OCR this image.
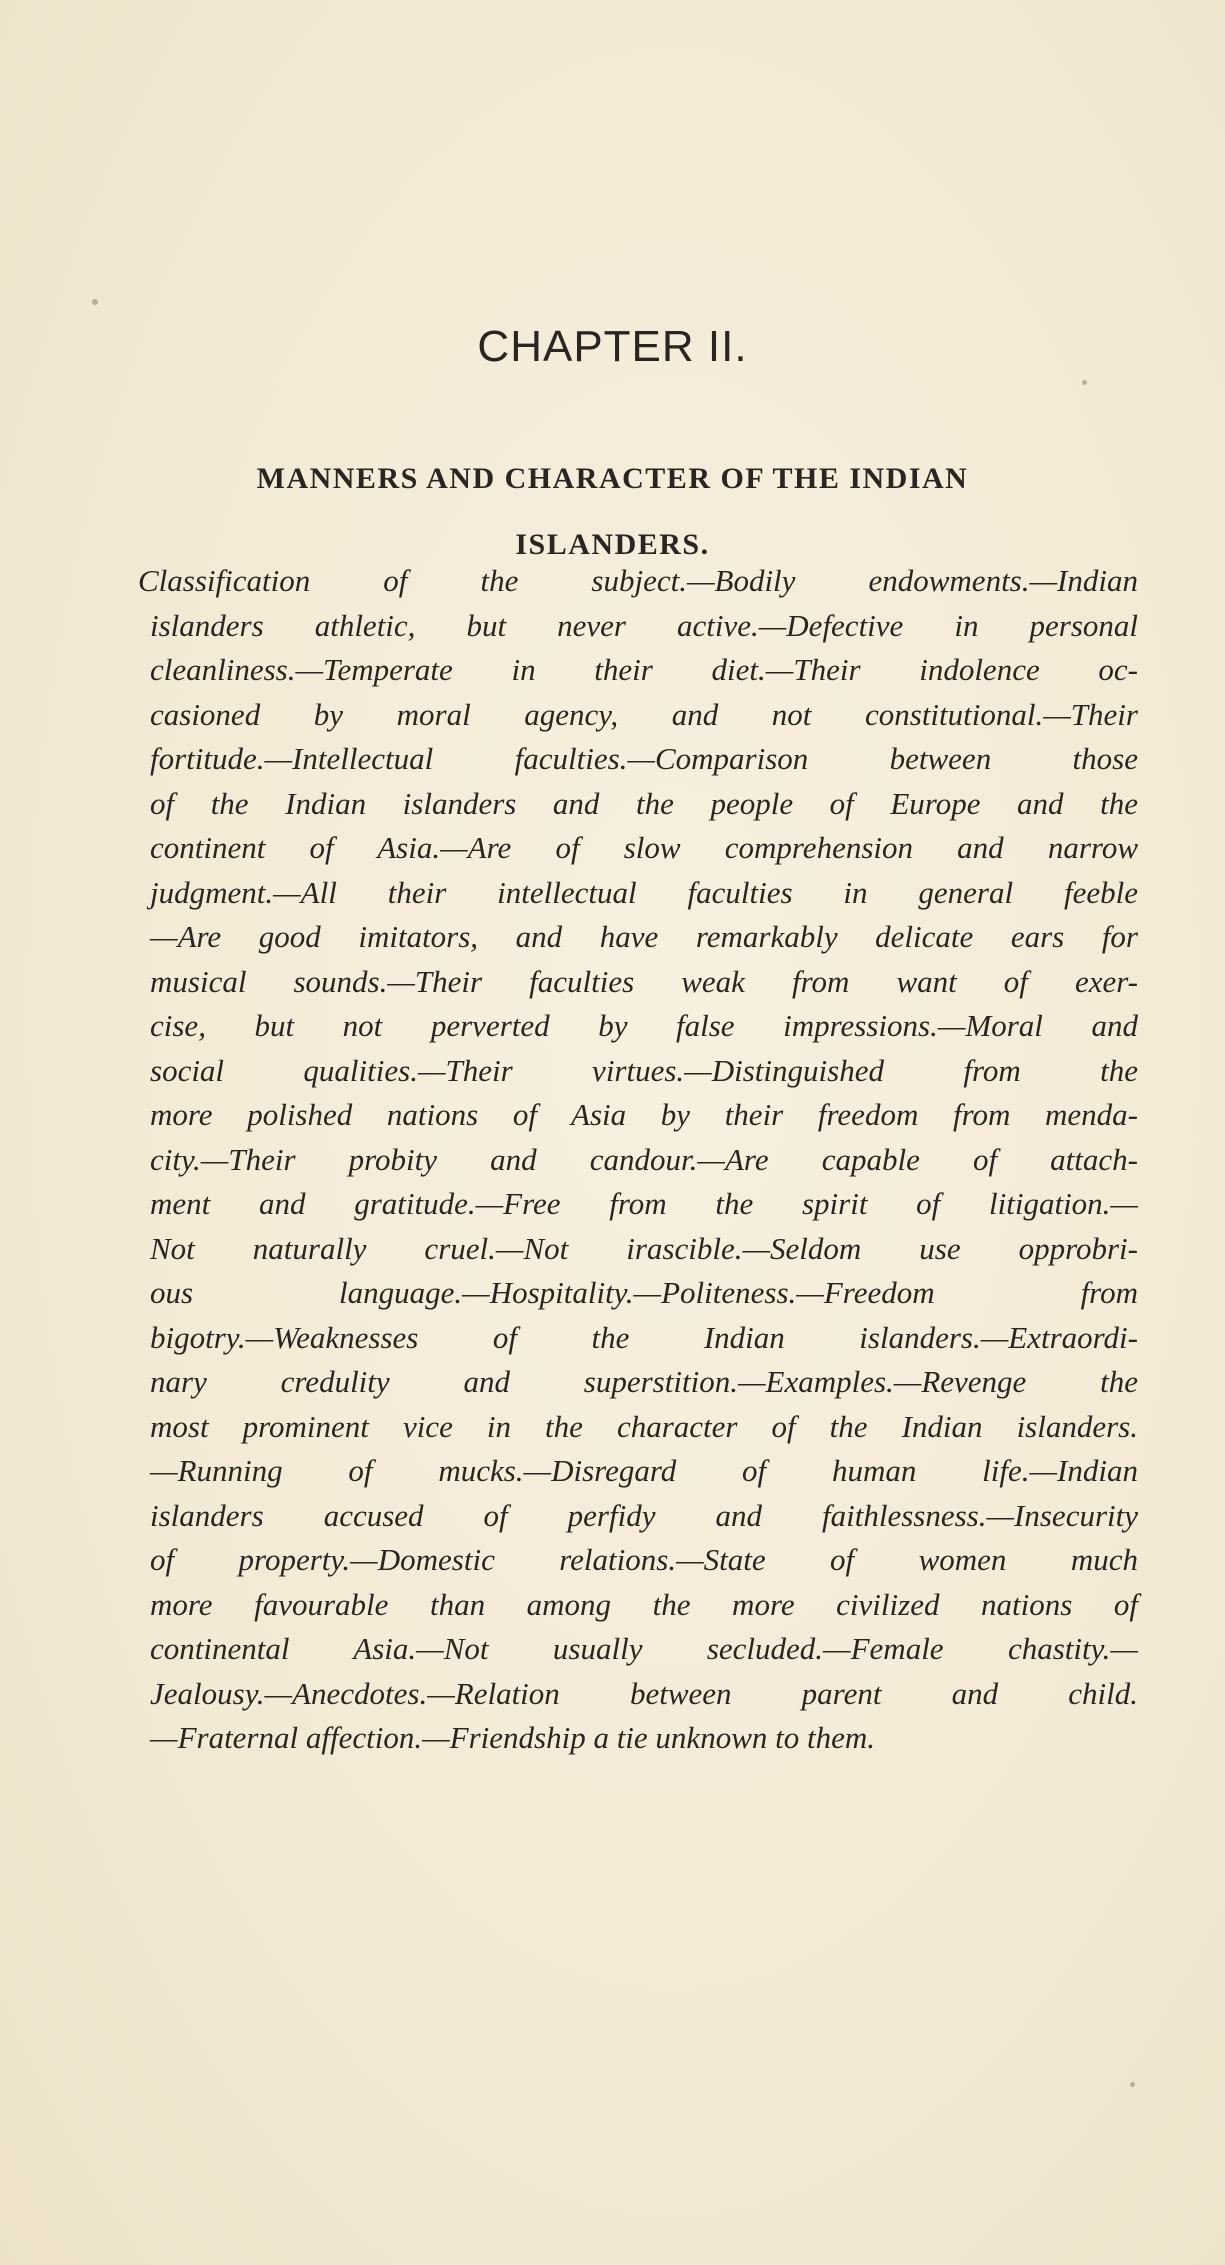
CHAPTER II.
MANNERS AND CHARACTER OF THE INDIAN
ISLANDERS.
Classification of the subject.—Bodily endowments.—Indian
islanders athletic, but never active.—Defective in personal
cleanliness.—Temperate in their diet.—Their indolence oc-
casioned by moral agency, and not constitutional.—Their
fortitude.—Intellectual faculties.—Comparison between those
of the Indian islanders and the people of Europe and the
continent of Asia.—Are of slow comprehension and narrow
judgment.—All their intellectual faculties in general feeble
—Are good imitators, and have remarkably delicate ears for
musical sounds.—Their faculties weak from want of exer-
cise, but not perverted by false impressions.—Moral and
social qualities.—Their virtues.—Distinguished from the
more polished nations of Asia by their freedom from menda-
city.—Their probity and candour.—Are capable of attach-
ment and gratitude.—Free from the spirit of litigation.—
Not naturally cruel.—Not irascible.—Seldom use opprobri-
ous language.—Hospitality.—Politeness.—Freedom from
bigotry.—Weaknesses of the Indian islanders.—Extraordi-
nary credulity and superstition.—Examples.—Revenge the
most prominent vice in the character of the Indian islanders.
—Running of mucks.—Disregard of human life.—Indian
islanders accused of perfidy and faithlessness.—Insecurity
of property.—Domestic relations.—State of women much
more favourable than among the more civilized nations of
continental Asia.—Not usually secluded.—Female chastity.—
Jealousy.—Anecdotes.—Relation between parent and child.
—Fraternal affection.—Friendship a tie unknown to them.
